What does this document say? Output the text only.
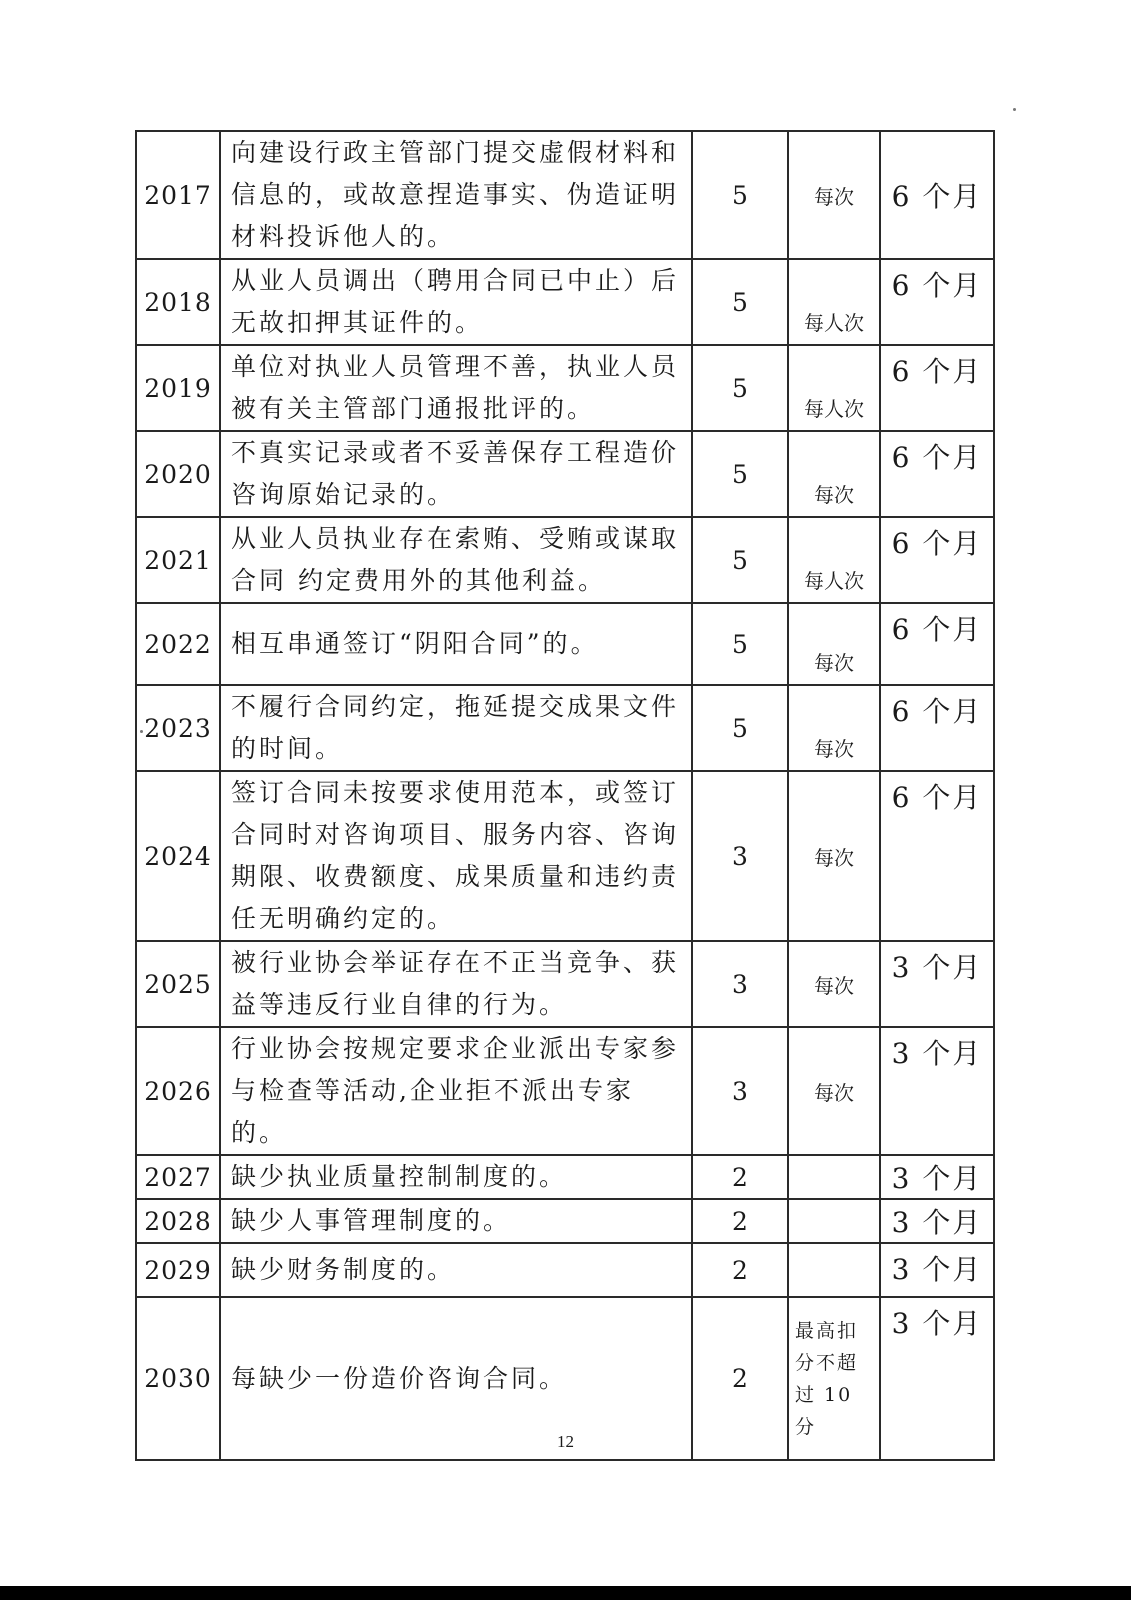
2017	向建设行政主管部门提交虚假材料和信息的，或故意捏造事实、伪造证明材料投诉他人的。	5	每次	6 个月
2018	从业人员调出（聘用合同已中止）后无故扣押其证件的。	5	每人次	6 个月
2019	单位对执业人员管理不善，执业人员被有关主管部门通报批评的。	5	每人次	6 个月
2020	不真实记录或者不妥善保存工程造价咨询原始记录的。	5	每次	6 个月
2021	从业人员执业存在索贿、受贿或谋取合同 约定费用外的其他利益。	5	每人次	6 个月
2022	相互串通签订“阴阳合同”的。	5	每次	6 个月
2023	不履行合同约定，拖延提交成果文件的时间。	5	每次	6 个月
2024	签订合同未按要求使用范本，或签订合同时对咨询项目、服务内容、咨询期限、收费额度、成果质量和违约责任无明确约定的。	3	每次	6 个月
2025	被行业协会举证存在不正当竞争、获益等违反行业自律的行为。	3	每次	3 个月
2026	行业协会按规定要求企业派出专家参与检查等活动,企业拒不派出专家的。	3	每次	3 个月
2027	缺少执业质量控制制度的。	2		3 个月
2028	缺少人事管理制度的。	2		3 个月
2029	缺少财务制度的。	2		3 个月
2030	每缺少一份造价咨询合同。	2	最高扣分不超过 10 分	3 个月
12
